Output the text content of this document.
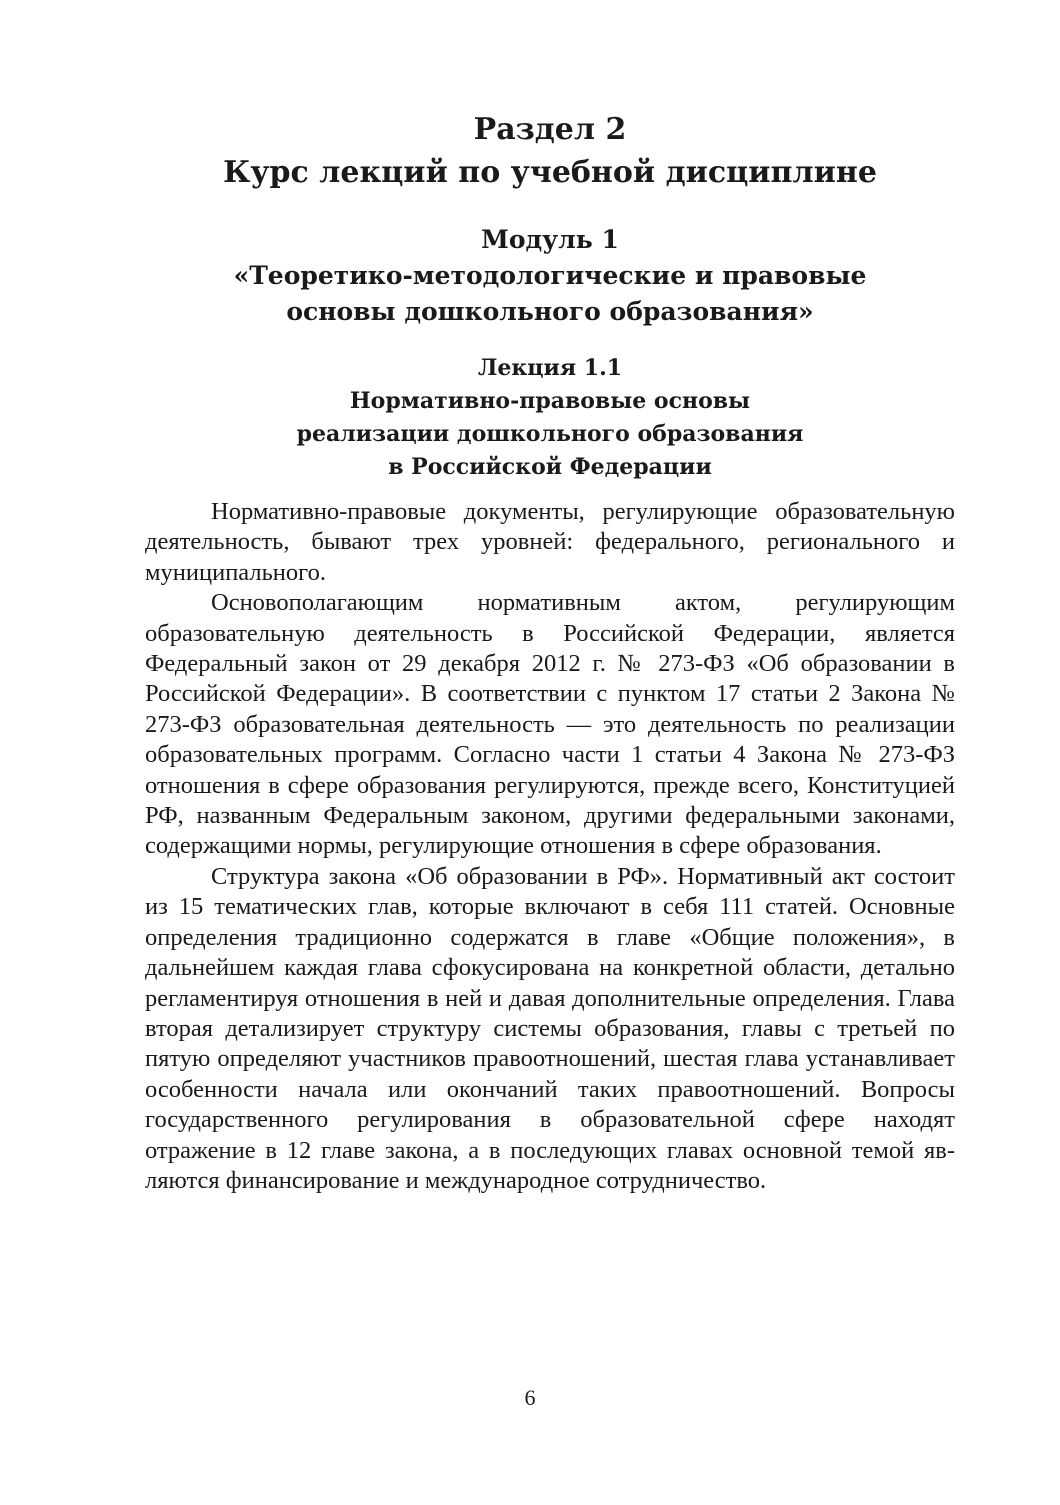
Раздел 2
Курс лекций по учебной дисциплине
Модуль 1
«Теоретико-методологические и правовые
основы дошкольного образования»
Лекция 1.1
Нормативно-правовые основы
реализации дошкольного образования
в Российской Федерации

Нормативно-правовые документы, регулирующие образовательную деятельность, бывают трех уровней: федерального, регионального и муниципального.

Основополагающим нормативным актом, регулирующим образовательную деятельность в Российской Федерации, является Федеральный закон от 29 декабря 2012 г. № 273-ФЗ «Об образовании в Российской Федерации». В соответствии с пунктом 17 статьи 2 Закона № 273-ФЗ образовательная деятельность — это деятельность по реализации образовательных программ. Согласно части 1 статьи 4 Закона № 273-ФЗ отношения в сфере образования регулируются, прежде всего, Конституцией РФ, названным Федеральным законом, другими федеральными законами, содержащими нормы, регулирующие отношения в сфере образования.

Структура закона «Об образовании в РФ». Нормативный акт состоит из 15 тематических глав, которые включают в себя 111 статей. Основные определения традиционно содержатся в главе «Общие положения», в дальнейшем каждая глава сфокусирована на конкретной области, детально регламентируя отношения в ней и давая дополнительные определения. Глава вторая детализирует структуру системы образования, главы с третьей по пятую определяют участников правоотношений, шестая глава устанавливает особенности начала или окончаний таких правоотношений. Вопросы государственного регулирования в образовательной сфере находят отражение в 12 главе закона, а в последующих главах основной темой являются финансирование и международное сотрудничество.

6
